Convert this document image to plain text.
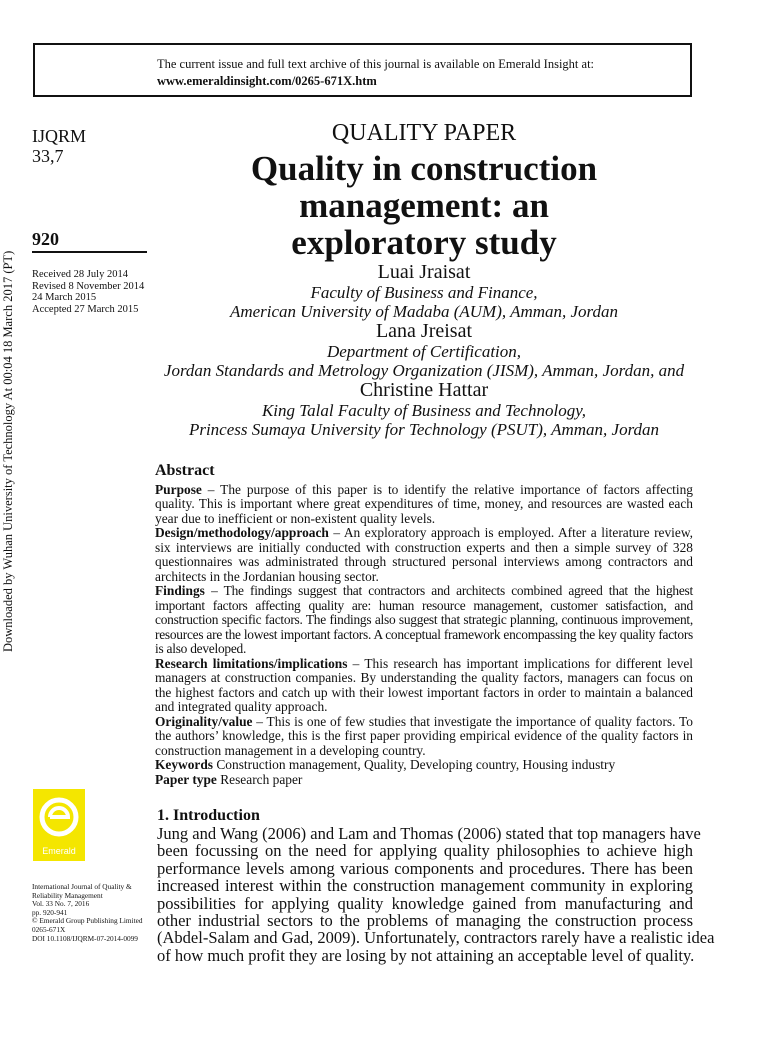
The current issue and full text archive of this journal is available on Emerald Insight at:
www.emeraldinsight.com/0265-671X.htm
Downloaded by Wuhan University of Technology At 00:04 18 March 2017 (PT)
IJQRM
33,7
920
Received 28 July 2014
Revised 8 November 2014
24 March 2015
Accepted 27 March 2015
QUALITY PAPER
Quality in construction
management: an
exploratory study
Luai Jraisat
Faculty of Business and Finance,
American University of Madaba (AUM), Amman, Jordan
Lana Jreisat
Department of Certification,
Jordan Standards and Metrology Organization (JISM), Amman, Jordan, and
Christine Hattar
King Talal Faculty of Business and Technology,
Princess Sumaya University for Technology (PSUT), Amman, Jordan
Abstract

Purpose – The purpose of this paper is to identify the relative importance of factors affecting quality. This is important where great expenditures of time, money, and resources are wasted each year due to inefficient or non-existent quality levels.

Design/methodology/approach – An exploratory approach is employed. After a literature review, six interviews are initially conducted with construction experts and then a simple survey of 328 questionnaires was administrated through structured personal interviews among contractors and architects in the Jordanian housing sector.

Findings – The findings suggest that contractors and architects combined agreed that the highest important factors affecting quality are: human resource management, customer satisfaction, and construction specific factors. The findings also suggest that strategic planning, continuous improvement, resources are the lowest important factors. A conceptual framework encompassing the key quality factors is also developed.

Research limitations/implications – This research has important implications for different level managers at construction companies. By understanding the quality factors, managers can focus on the highest factors and catch up with their lowest important factors in order to maintain a balanced and integrated quality approach.

Originality/value – This is one of few studies that investigate the importance of quality factors. To the authors’ knowledge, this is the first paper providing empirical evidence of the quality factors in construction management in a developing country.

Keywords Construction management, Quality, Developing country, Housing industry

Paper type Research paper

Emerald
International Journal of Quality &
Reliability Management
Vol. 33 No. 7, 2016
pp. 920-941
© Emerald Group Publishing Limited
0265-671X
DOI 10.1108/IJQRM-07-2014-0099
1. Introduction
Jung and Wang (2006) and Lam and Thomas (2006) stated that top managers have
been focussing on the need for applying quality philosophies to achieve high
performance levels among various components and procedures. There has been
increased interest within the construction management community in exploring
possibilities for applying quality knowledge gained from manufacturing and
other industrial sectors to the problems of managing the construction process
(Abdel-Salam and Gad, 2009). Unfortunately, contractors rarely have a realistic idea
of how much profit they are losing by not attaining an acceptable level of quality.
